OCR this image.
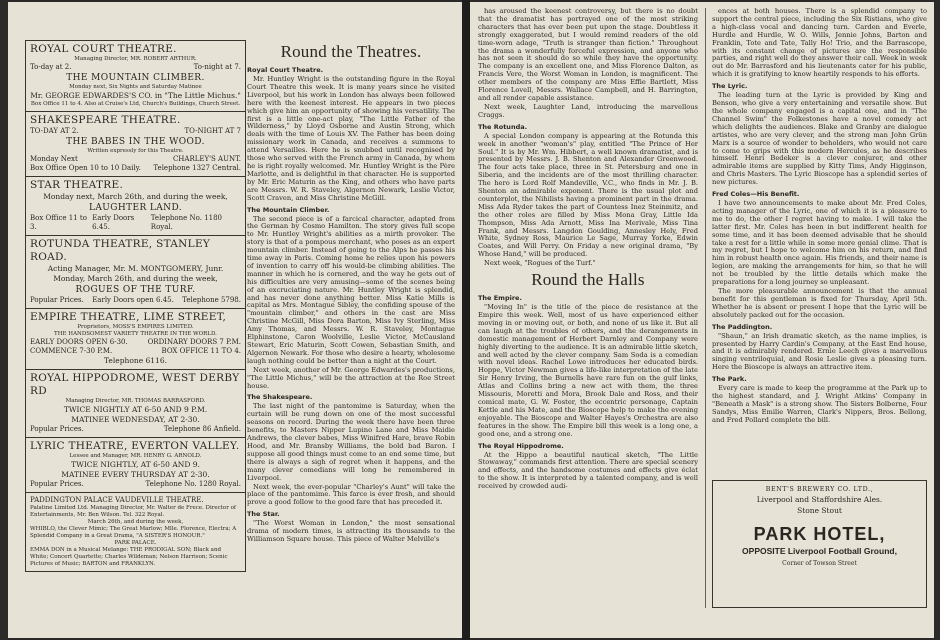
ROYAL COURT THEATRE.
Managing Director, MR. ROBERT ARTHUR.
To-day at 2.	To-night at 7.
THE MOUNTAIN CLIMBER.
Monday next, Six Nights and Saturday Matinee
Mr. GEORGE EDWARDES'S CO. in "The Little Michus."
Box Office 11 to 4. Also at Cruise's Ltd, Church's Buildings, Church Street.
SHAKESPEARE THEATRE.
TO-DAY AT 2.	TO-NIGHT AT 7
THE BABES IN THE WOOD.
Written expressly for this Theatre.
Monday Next	CHARLEY'S AUNT.
Box Office Open 10 to 10 Daily. Telephone 1327 Central.
STAR THEATRE.
Monday next, March 26th, and during the week,
LAUGHTER LAND.
Box Office 11 to 3.
Early Doors 6.45.
Telephone No. 1180 Royal.
ROTUNDA THEATRE, STANLEY ROAD.
Acting Manager, Mr. M. MONTGOMERY, Junr.
Monday, March 26th, and during the week,
ROGUES OF THE TURF.
Popular Prices. Early Doors open 6.45. Telephone 5798.
EMPIRE THEATRE, LIME STREET,
Proprietors, MOSS'S EMPIRES LIMITED.
THE HANDSOMEST VARIETY THEATRE IN THE WORLD.
EARLY DOORS OPEN 6-30.	ORDINARY DOORS 7 P.M.
COMMENCE 7-30 P.M.	BOX OFFICE 11 TO 4.
Telephone 6116.
ROYAL HIPPODROME, WEST DERBY RD
Managing Director, MR. THOMAS BARRASFORD.
TWICE NIGHTLY AT 6-50 AND 9 P.M.
MATINEE WEDNESDAY, AT 2-30.
Popular Prices.	Telephone 86 Anfield.
LYRIC THEATRE, EVERTON VALLEY.
Lessee and Manager, MR. HENRY G. ARNOLD.
TWICE NIGHTLY, AT 6-50 AND 9.
MATINEE EVERY THURSDAY AT 2-30.
Popular Prices.	Telephone No. 1280 Royal.
PADDINGTON PALACE VAUDEVILLE THEATRE.
Palatine Limited Ltd. Managing Director, Mr. Walter de Frece. Director of Entertainments, Mr. Ben Wilson. Tel. 322 Royal.
March 26th, and during the week,
WHIBLO, the Clever Mimic; The Great Marlow; Mlle. Florence, Electra; A Splendid Company in a Great Drama, "A SISTER'S HONOUR."
PARK PALACE.
EMMA DON in a Musical Melange: THE PRODIGAL SON; Black and White; Concert Quartette; Charles Wildeman; Nelson Harrison; Scenic Pictures of Music; BARTON and FRANKLYN.
Round the Theatres.
Royal Court Theatre.

Mr. Huntley Wright is the outstanding figure in the Royal Court Theatre this week. It is many years since he visited Liverpool, but his work in London has always been followed here with the keenest interest. He appears in two pieces which give him an opportunity of showing his versatility. The first is a little one-act play, "The Little Father of the Wilderness," by Lloyd Osborne and Austin Strong, which deals with the time of Louis XV. The Father has been doing missionary work in Canada, and receives a summons to attend Versailles. Here he is snubbed until recognised by those who served with the French army in Canada, by whom he is right royally welcomed. Mr. Huntley Wright is the Père Marlotte, and is delightful in that character. He is supported by Mr. Eric Maturin as the King, and others who have parts are Messrs. W. R. Staveley, Algernon Newark, Leslie Victor, Scott Craven, and Miss Christine McGill.

The Mountain Climber.

The second piece is of a farcical character, adapted from the German by Cosmo Hamilton. The story gives full scope to Mr. Huntley Wright's abilities as a mirth provoker. The story is that of a pompous merchant, who poses as an expert mountain climber. Instead of going to the Alps he passes his time away in Paris. Coming home he relies upon his powers of invention to carry off his would-be climbing abilities. The manner in which he is cornered, and the way he gets out of his difficulties are very amusing—some of the scenes being of an excruciating nature. Mr. Huntley Wright is splendid, and has never done anything better. Miss Katie Mills is capital as Mrs. Montague Sibley, the confiding spouse of the "mountain climber," and others in the cast are Miss Christine McGill, Miss Dora Barton, Miss Ivy Sterling, Miss Amy Thomas, and Messrs. W. R. Staveley, Montague Elphinstone, Caron Woolville, Leslie Victor, McCausland Stewart, Eric Maturin, Scott Cowen, Sebastian Smith, and Algernon Newark. For those who desire a hearty, wholesome laugh nothing could be better than a night at the Court.

Next week, another of Mr. George Edwardes's productions, "The Little Michus," will be the attraction at the Roe Street house.

The Shakespeare.

The last night of the pantomime is Saturday, when the curtain will be rung down on one of the most successful seasons on record. During the week there have been three benefits, to Masters Nipper Lupino Lane and Miss Maidie Andrews, the clever babes, Miss Winifred Hare, brave Robin Hood, and Mr. Bransby Williams, the bold bad Baron. I suppose all good things must come to an end some time, but there is always a sigh of regret when it happens, and the many clever comedians will long be remembered in Liverpool.

Next week, the ever-popular "Charley's Aunt" will take the place of the pantomime. This farce is ever fresh, and should prove a good follow to the good fare that has preceded it.

The Star.

"The Worst Woman in London," the most sensational drama of modern times, is attracting its thousands to the Williamson Square house. This piece of Walter Melville's

has aroused the keenest controversy, but there is no doubt that the dramatist has portrayed one of the most striking characters that has ever been put upon the stage. Doubtless it strongly exaggerated, but I would remind readers of the old time-worn adage, "Truth is stranger than fiction." Throughout the drama a wonderfully forceful expression, and anyone who has not seen it should do so while they have the opportunity. The company is an excellent one, and Miss Florence Dalton, as Francis Vere, the Worst Woman in London, is magnificent. The other members of the company are Miss Effie Bartlett, Miss Florence Lovell, Messrs. Wallace Campbell, and H. Barrington, and all render capable assistance.

Next week, Laughter Land, introducing the marvellous Craggs.

The Rotunda.

A special London company is appearing at the Rotunda this week in another "woman's" play, entitled "The Prince of Her Soul." It is by Mr. Wm. Hibbert, a well known dramatist, and is presented by Messrs. J. B. Shenton and Alexander Greenwood. The four acts take place, three in St. Petersburg and one in Siberia, and the incidents are of the most thrilling character. The hero is Lord Rolf Mandeville, V.C., who finds in Mr. J. B. Shenton an admirable exponent. There is the usual plot and counterplot, the Nihilists having a prominent part in the drama. Miss Ada Ryder takes the part of Countess Inez Steinmitz, and the other roles are filled by Miss Mona Gray, Little Ida Thompson, Miss Ada Arnott, Miss Ina Merivale, Miss Tina Frank, and Messrs. Langdon Goulding, Annesley Hely, Fred White, Sydney Ross, Maurice Le Sage, Murray Yorke, Edwin Coates, and Will Perry. On Friday a new original drama, "By Whose Hand," will be produced.

Next week, "Rogues of the Turf."

Round the Halls
The Empire.

"Moving In" is the title of the piece de resistance at the Empire this week. Well, most of us have experienced either moving in or moving out, or both, and none of us like it. But all can laugh at the troubles of others, and the derangements in domestic management of Herbert Darnley and Company were highly diverting to the audience. It is an admirable little sketch, and well acted by the clever company. Sam Soda is a comedian with novel ideas. Rachel Lowe introduces her educated birds. Hoppe, Victor Newman gives a life-like interpretation of the late Sir Henry Irving, the Burnells have rare fun on the gulf links, Atlas and Collins bring a new act with them, the three Missouris, Moretti and Mora, Brook Dale and Ross, and their comical mate, G. W. Foster, the eccentric personage, Captain Kettle and his Mate, and the Bioscope help to make the evening enjoyable. The Bioscope and Walter Hayes's Orchestra are also features in the show. The Empire bill this week is a long one, a good one, and a strong one.

The Royal Hippodrome.

At the Hippo a beautiful nautical sketch, "The Little Stowaway," commands first attention. There are special scenery and effects, and the handsome costumes and effects give éclat to the show. It is interpreted by a talented company, and is well received by crowded audi-

ences at both houses. There is a splendid company to support the central piece, including the Six Ristians, who give a high-class vocal and dancing turn. Carden and Everle, Hurdle and Hurdle, W. O. Wills, Jennie Johns, Barton and Franklin, Tote and Tate, Tally Ho! Trio, and the Barrascope, with its constant change of pictures are the responsible parties, and right well do they answer their call. Week in week out do Mr. Barrasford and his lieutenants cater for his public, which it is gratifying to know heartily responds to his efforts.

The Lyric.

The leading turn at the Lyric is provided by King and Benson, who give a very entertaining and versatile show. But the whole company engaged is a capital one, and in "The Channel Swim" the Folkestones have a novel comedy act which delights the audiences. Blake and Granby are dialogue artistes, who are very clever, and the strong man John Grün Marx is a source of wonder to beholders, who would not care to come to grips with this modern Hercules, as he describes himself. Henri Bedeker is a clever conjurer, and other admirable items are supplied by Kitty Tims, Andy Higginson, and Chris Masters. The Lyric Bioscope has a splendid series of new pictures.

Fred Coles—His Benefit.

I have two announcements to make about Mr. Fred Coles, acting manager of the Lyric, one of which it is a pleasure to me to do, the other I regret having to make. I will take the latter first. Mr. Coles has been in but indifferent health for some time, and it has been deemed advisable that he should take a rest for a little while in some more genial clime. That is my regret, but I hope to welcome him on his return, and find him in robust health once again. His friends, and their name is legion, are making the arrangements for him, so that he will not be troubled by the little details which make the preparations for a long journey so unpleasant.

The more pleasurable announcement is that the annual benefit for this gentleman is fixed for Thursday, April 5th. Whether he is absent or present I hope that the Lyric will be absolutely packed out for the occasion.

The Paddington.

"Shaun," an Irish dramatic sketch, as the name implies, is presented by Harry Cardin's Company, at the East End house, and it is admirably rendered. Ernie Leech gives a marvellous singing ventriloquial, and Rosie Leslie gives a pleasing turn. Here the Bioscope is always an attractive item.

The Park.

Every care is made to keep the programme at the Park up to the highest standard, and J. Wright Atkins' Company in "Beneath a Mask" is a strong show. The Sisters Bolberne, Four Sandys, Miss Emilie Warren, Clark's Nippers, Bros. Bellong, and Fred Pollard complete the bill.

BENT'S BREWERY CO. LTD.,
Liverpool and Staffordshire Ales.
Stone Stout
PARK HOTEL,
OPPOSITE Liverpool Football Ground,
Corner of Towson Street
